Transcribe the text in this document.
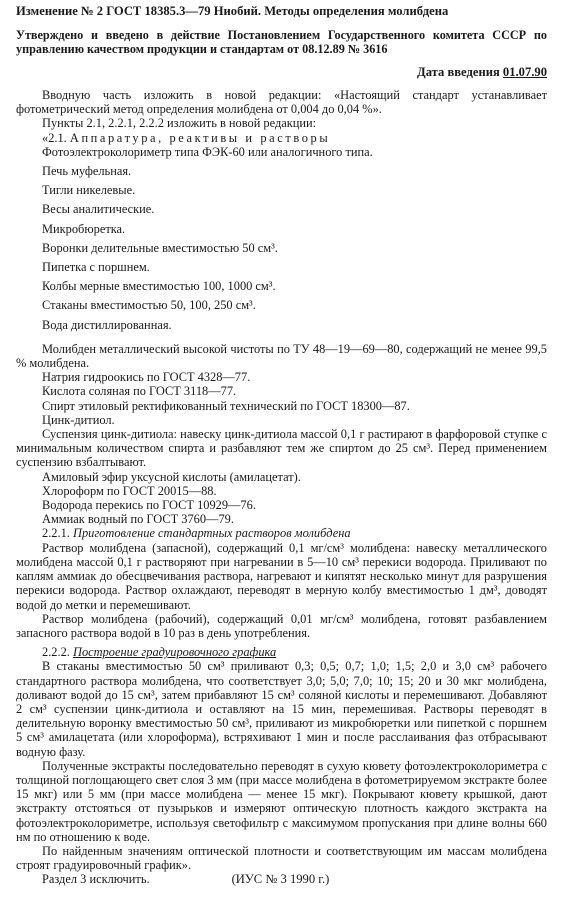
Изменение № 2 ГОСТ 18385.3—79 Ниобий. Методы определения молибдена
Утверждено и введено в действие Постановлением Государственного комитета СССР по управлению качеством продукции и стандартам от 08.12.89 № 3616
Дата введения 01.07.90

Вводную часть изложить в новой редакции: «Настоящий стандарт устанавливает фотометрический метод определения молибдена от 0,004 до 0,04 %».

Пункты 2.1, 2.2.1, 2.2.2 изложить в новой редакции:

«2.1. Аппаратура, реактивы и растворы

Фотоэлектроколориметр типа ФЭК-60 или аналогичного типа.

Печь муфельная.

Тигли никелевые.

Весы аналитические.

Микробюретка.

Воронки делительные вместимостью 50 см³.

Пипетка с поршнем.

Колбы мерные вместимостью 100, 1000 см³.

Стаканы вместимостью 50, 100, 250 см³.

Вода дистиллированная.

Молибден металлический высокой чистоты по ТУ 48—19—69—80, содержащий не менее 99,5 % молибдена.

Натрия гидроокись по ГОСТ 4328—77.

Кислота соляная по ГОСТ 3118—77.

Спирт этиловый ректификованный технический по ГОСТ 18300—87.

Цинк-дитиол.

Суспензия цинк-дитиола: навеску цинк-дитиола массой 0,1 г растирают в фарфоровой ступке с минимальным количеством спирта и разбавляют тем же спиртом до 25 см³. Перед применением суспензию взбалтывают.

Амиловый эфир уксусной кислоты (амилацетат).

Хлороформ по ГОСТ 20015—88.

Водорода перекись по ГОСТ 10929—76.

Аммиак водный по ГОСТ 3760—79.

2.2.1. Приготовление стандартных растворов молибдена

Раствор молибдена (запасной), содержащий 0,1 мг/см³ молибдена: навеску металлического молибдена массой 0,1 г растворяют при нагревании в 5—10 см³ перекиси водорода. Приливают по каплям аммиак до обесцвечивания раствора, нагревают и кипятят несколько минут для разрушения перекиси водорода. Раствор охлаждают, переводят в мерную колбу вместимостью 1 дм³, доводят водой до метки и перемешивают.

Раствор молибдена (рабочий), содержащий 0,01 мг/см³ молибдена, готовят разбавлением запасного раствора водой в 10 раз в день употребления.

2.2.2. Построение градуировочного графика

В стаканы вместимостью 50 см³ приливают 0,3; 0,5; 0,7; 1,0; 1,5; 2,0 и 3,0 см³ рабочего стандартного раствора молибдена, что соответствует 3,0; 5,0; 7,0; 10; 15; 20 и 30 мкг молибдена, доливают водой до 15 см³, затем прибавляют 15 см³ соляной кислоты и перемешивают. Добавляют 2 см³ суспензии цинк-дитиола и оставляют на 15 мин, перемешивая. Растворы переводят в делительную воронку вместимостью 50 см³, приливают из микробюретки или пипеткой с поршнем 5 см³ амилацетата (или хлороформа), встряхивают 1 мин и после расслаивания фаз отбрасывают водную фазу.

Полученные экстракты последовательно переводят в сухую кювету фотоэлектроколориметра с толщиной поглощающего свет слоя 3 мм (при массе молибдена в фотометрируемом экстракте более 15 мкг) или 5 мм (при массе молибдена — менее 15 мкг). Покрывают кювету крышкой, дают экстракту отстояться от пузырьков и измеряют оптическую плотность каждого экстракта на фотоэлектроколориметре, используя светофильтр с максимумом пропускания при длине волны 660 нм по отношению к воде.

По найденным значениям оптической плотности и соответствующим им массам молибдена строят градуировочный график».

Раздел 3 исключить.	(ИУС № 3 1990 г.)
